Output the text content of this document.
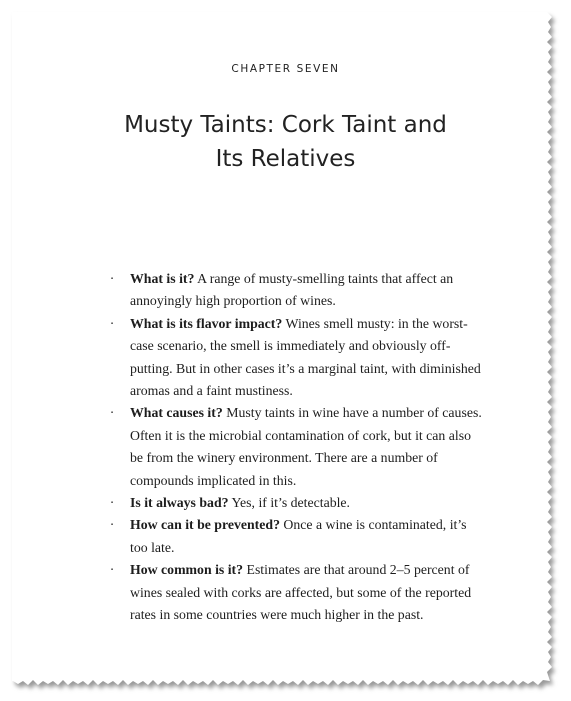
CHAPTER SEVEN
Musty Taints: Cork Taint and
Its Relatives
· What is it? A range of musty-smelling taints that affect an annoyingly high proportion of wines.
· What is its flavor impact? Wines smell musty: in the worst-case scenario, the smell is immediately and obviously off-putting. But in other cases it’s a marginal taint, with diminished aromas and a faint mustiness.
· What causes it? Musty taints in wine have a number of causes. Often it is the microbial contamination of cork, but it can also be from the winery environment. There are a number of compounds implicated in this.
· Is it always bad? Yes, if it’s detectable.
· How can it be prevented? Once a wine is contaminated, it’s too late.
· How common is it? Estimates are that around 2–5 percent of wines sealed with corks are affected, but some of the reported rates in some countries were much higher in the past.
